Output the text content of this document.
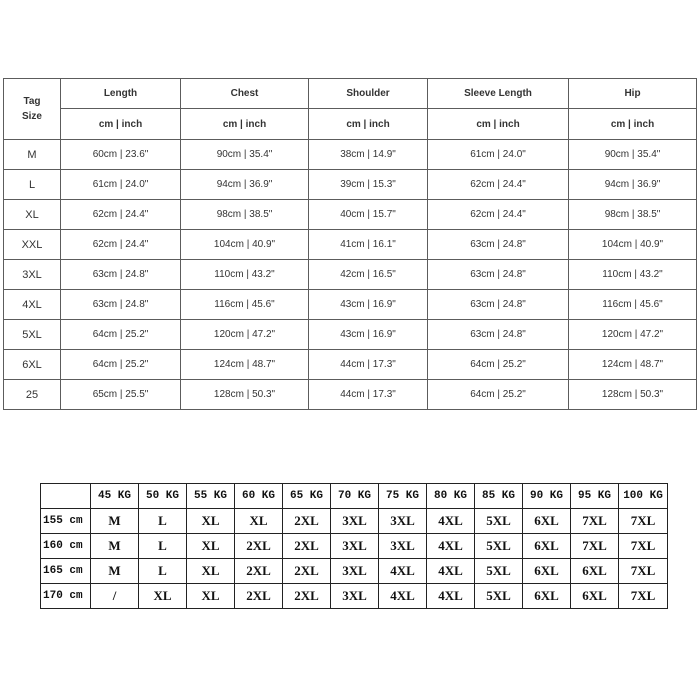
Tag
Size	Length	Chest	Shoulder	Sleeve Length	Hip
	cm | inch	cm | inch	cm | inch	cm | inch	cm | inch
M	60cm | 23.6"	90cm | 35.4"	38cm | 14.9"	61cm | 24.0"	90cm | 35.4"
L	61cm | 24.0"	94cm | 36.9"	39cm | 15.3"	62cm | 24.4"	94cm | 36.9"
XL	62cm | 24.4"	98cm | 38.5"	40cm | 15.7"	62cm | 24.4"	98cm | 38.5"
XXL	62cm | 24.4"	104cm | 40.9"	41cm | 16.1"	63cm | 24.8"	104cm | 40.9"
3XL	63cm | 24.8"	110cm | 43.2"	42cm | 16.5"	63cm | 24.8"	110cm | 43.2"
4XL	63cm | 24.8"	116cm | 45.6"	43cm | 16.9"	63cm | 24.8"	116cm | 45.6"
5XL	64cm | 25.2"	120cm | 47.2"	43cm | 16.9"	63cm | 24.8"	120cm | 47.2"
6XL	64cm | 25.2"	124cm | 48.7"	44cm | 17.3"	64cm | 25.2"	124cm | 48.7"
25	65cm | 25.5"	128cm | 50.3"	44cm | 17.3"	64cm | 25.2"	128cm | 50.3"
	45 KG	50 KG	55 KG	60 KG	65 KG	70 KG	75 KG	80 KG	85 KG	90 KG	95 KG	100 KG
155 cm	M	L	XL	XL	2XL	3XL	3XL	4XL	5XL	6XL	7XL	7XL
160 cm	M	L	XL	2XL	2XL	3XL	3XL	4XL	5XL	6XL	7XL	7XL
165 cm	M	L	XL	2XL	2XL	3XL	4XL	4XL	5XL	6XL	6XL	7XL
170 cm	/	XL	XL	2XL	2XL	3XL	4XL	4XL	5XL	6XL	6XL	7XL
